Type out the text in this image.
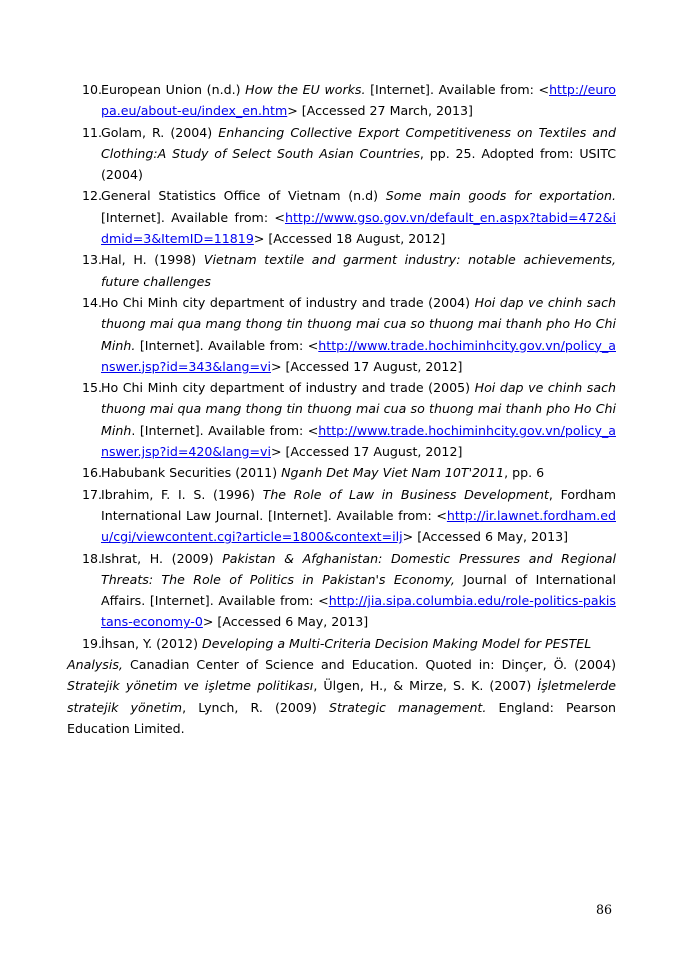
10.
European Union (n.d.) How the EU works. [Internet]. Available from: <http://europa.eu/about-eu/index_en.htm> [Accessed 27 March, 2013]
11.
Golam, R. (2004) Enhancing Collective Export Competitiveness on Textiles and Clothing:A Study of Select South Asian Countries, pp. 25. Adopted from: USITC (2004)
12.
General Statistics Office of Vietnam (n.d) Some main goods for exportation. [Internet]. Available from: <http://www.gso.gov.vn/default_en.aspx?tabid=472&idmid=3&ItemID=11819> [Accessed 18 August, 2012]
13.
Hal, H. (1998) Vietnam textile and garment industry: notable achievements, future challenges
14.
Ho Chi Minh city department of industry and trade (2004) Hoi dap ve chinh sach thuong mai qua mang thong tin thuong mai cua so thuong mai thanh pho Ho Chi Minh. [Internet]. Available from: <http://www.trade.hochiminhcity.gov.vn/policy_answer.jsp?id=343&lang=vi> [Accessed 17 August, 2012]
15.
Ho Chi Minh city department of industry and trade (2005) Hoi dap ve chinh sach thuong mai qua mang thong tin thuong mai cua so thuong mai thanh pho Ho Chi Minh. [Internet]. Available from: <http://www.trade.hochiminhcity.gov.vn/policy_answer.jsp?id=420&lang=vi> [Accessed 17 August, 2012]
16.
Habubank Securities (2011) Nganh Det May Viet Nam 10T'2011, pp. 6
17.
Ibrahim, F. I. S. (1996) The Role of Law in Business Development, Fordham International Law Journal. [Internet]. Available from: <http://ir.lawnet.fordham.edu/cgi/viewcontent.cgi?article=1800&context=ilj> [Accessed 6 May, 2013]
18.
Ishrat, H. (2009) Pakistan & Afghanistan: Domestic Pressures and Regional Threats: The Role of Politics in Pakistan's Economy, Journal of International Affairs. [Internet]. Available from: <http://jia.sipa.columbia.edu/role-politics-pakistans-economy-0> [Accessed 6 May, 2013]
19.
İhsan, Y. (2012) Developing a Multi-Criteria Decision Making Model for PESTEL
Analysis, Canadian Center of Science and Education. Quoted in: Dinçer, Ö. (2004) Stratejik yönetim ve işletme politikası, Ülgen, H., & Mirze, S. K. (2007) İşletmelerde stratejik yönetim, Lynch, R. (2009) Strategic management. England: Pearson Education Limited.
86
